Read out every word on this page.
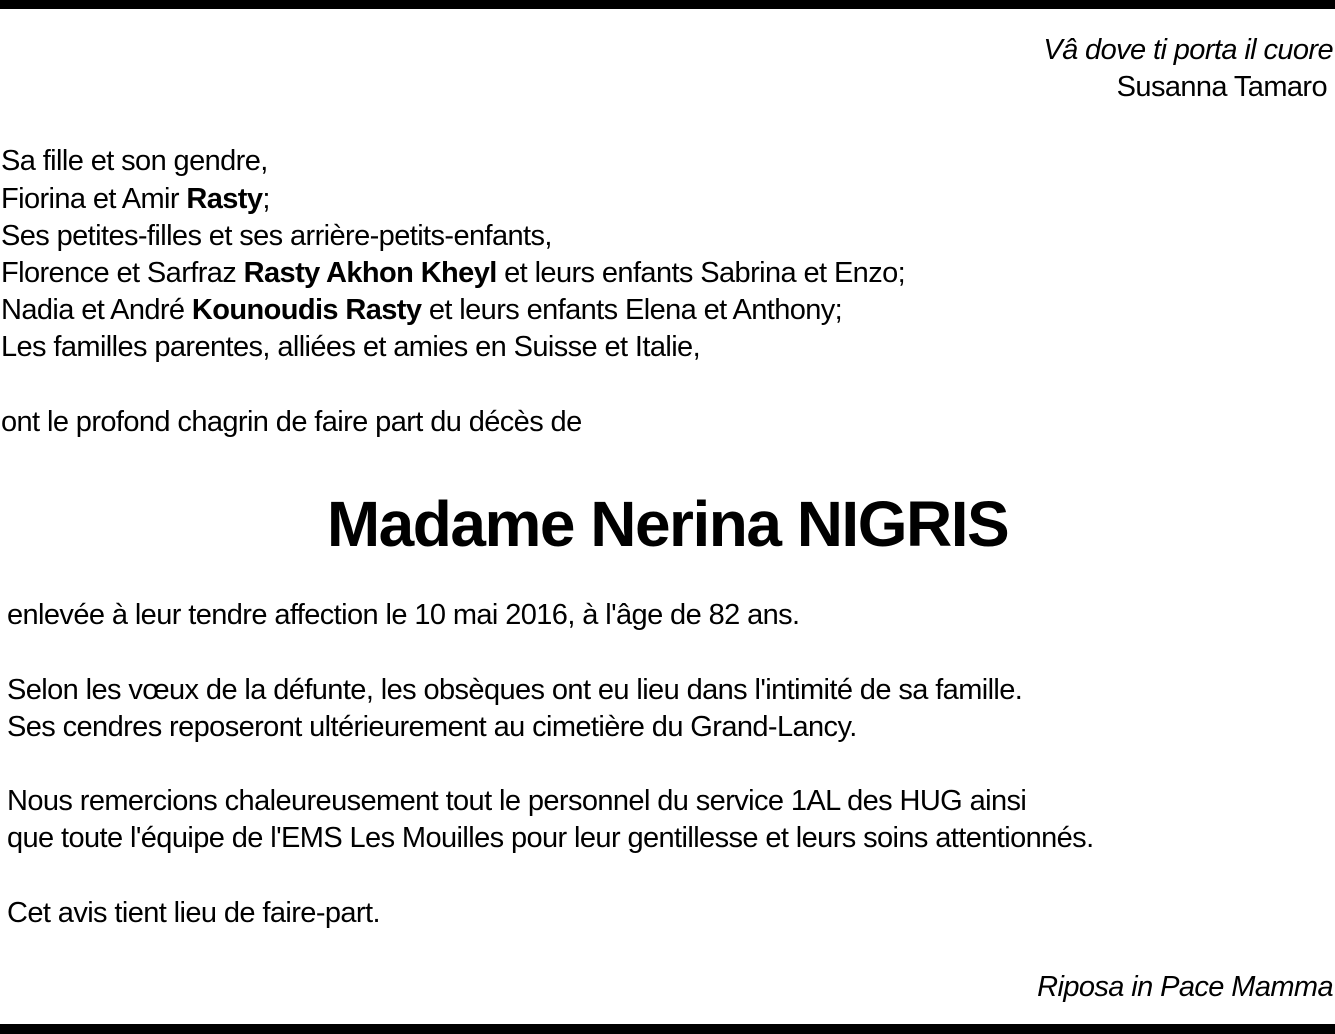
Vâ dove ti porta il cuore
Susanna Tamaro
Sa fille et son gendre,
Fiorina et Amir Rasty;
Ses petites-filles et ses arrière-petits-enfants,
Florence et Sarfraz Rasty Akhon Kheyl et leurs enfants Sabrina et Enzo;
Nadia et André Kounoudis Rasty et leurs enfants Elena et Anthony;
Les familles parentes, alliées et amies en Suisse et Italie,
ont le profond chagrin de faire part du décès de
Madame Nerina NIGRIS
enlevée à leur tendre affection le 10 mai 2016, à l'âge de 82 ans.
Selon les vœux de la défunte, les obsèques ont eu lieu dans l'intimité de sa famille.
Ses cendres reposeront ultérieurement au cimetière du Grand-Lancy.
Nous remercions chaleureusement tout le personnel du service 1AL des HUG ainsi
que toute l'équipe de l'EMS Les Mouilles pour leur gentillesse et leurs soins attentionnés.
Cet avis tient lieu de faire-part.
Riposa in Pace Mamma
